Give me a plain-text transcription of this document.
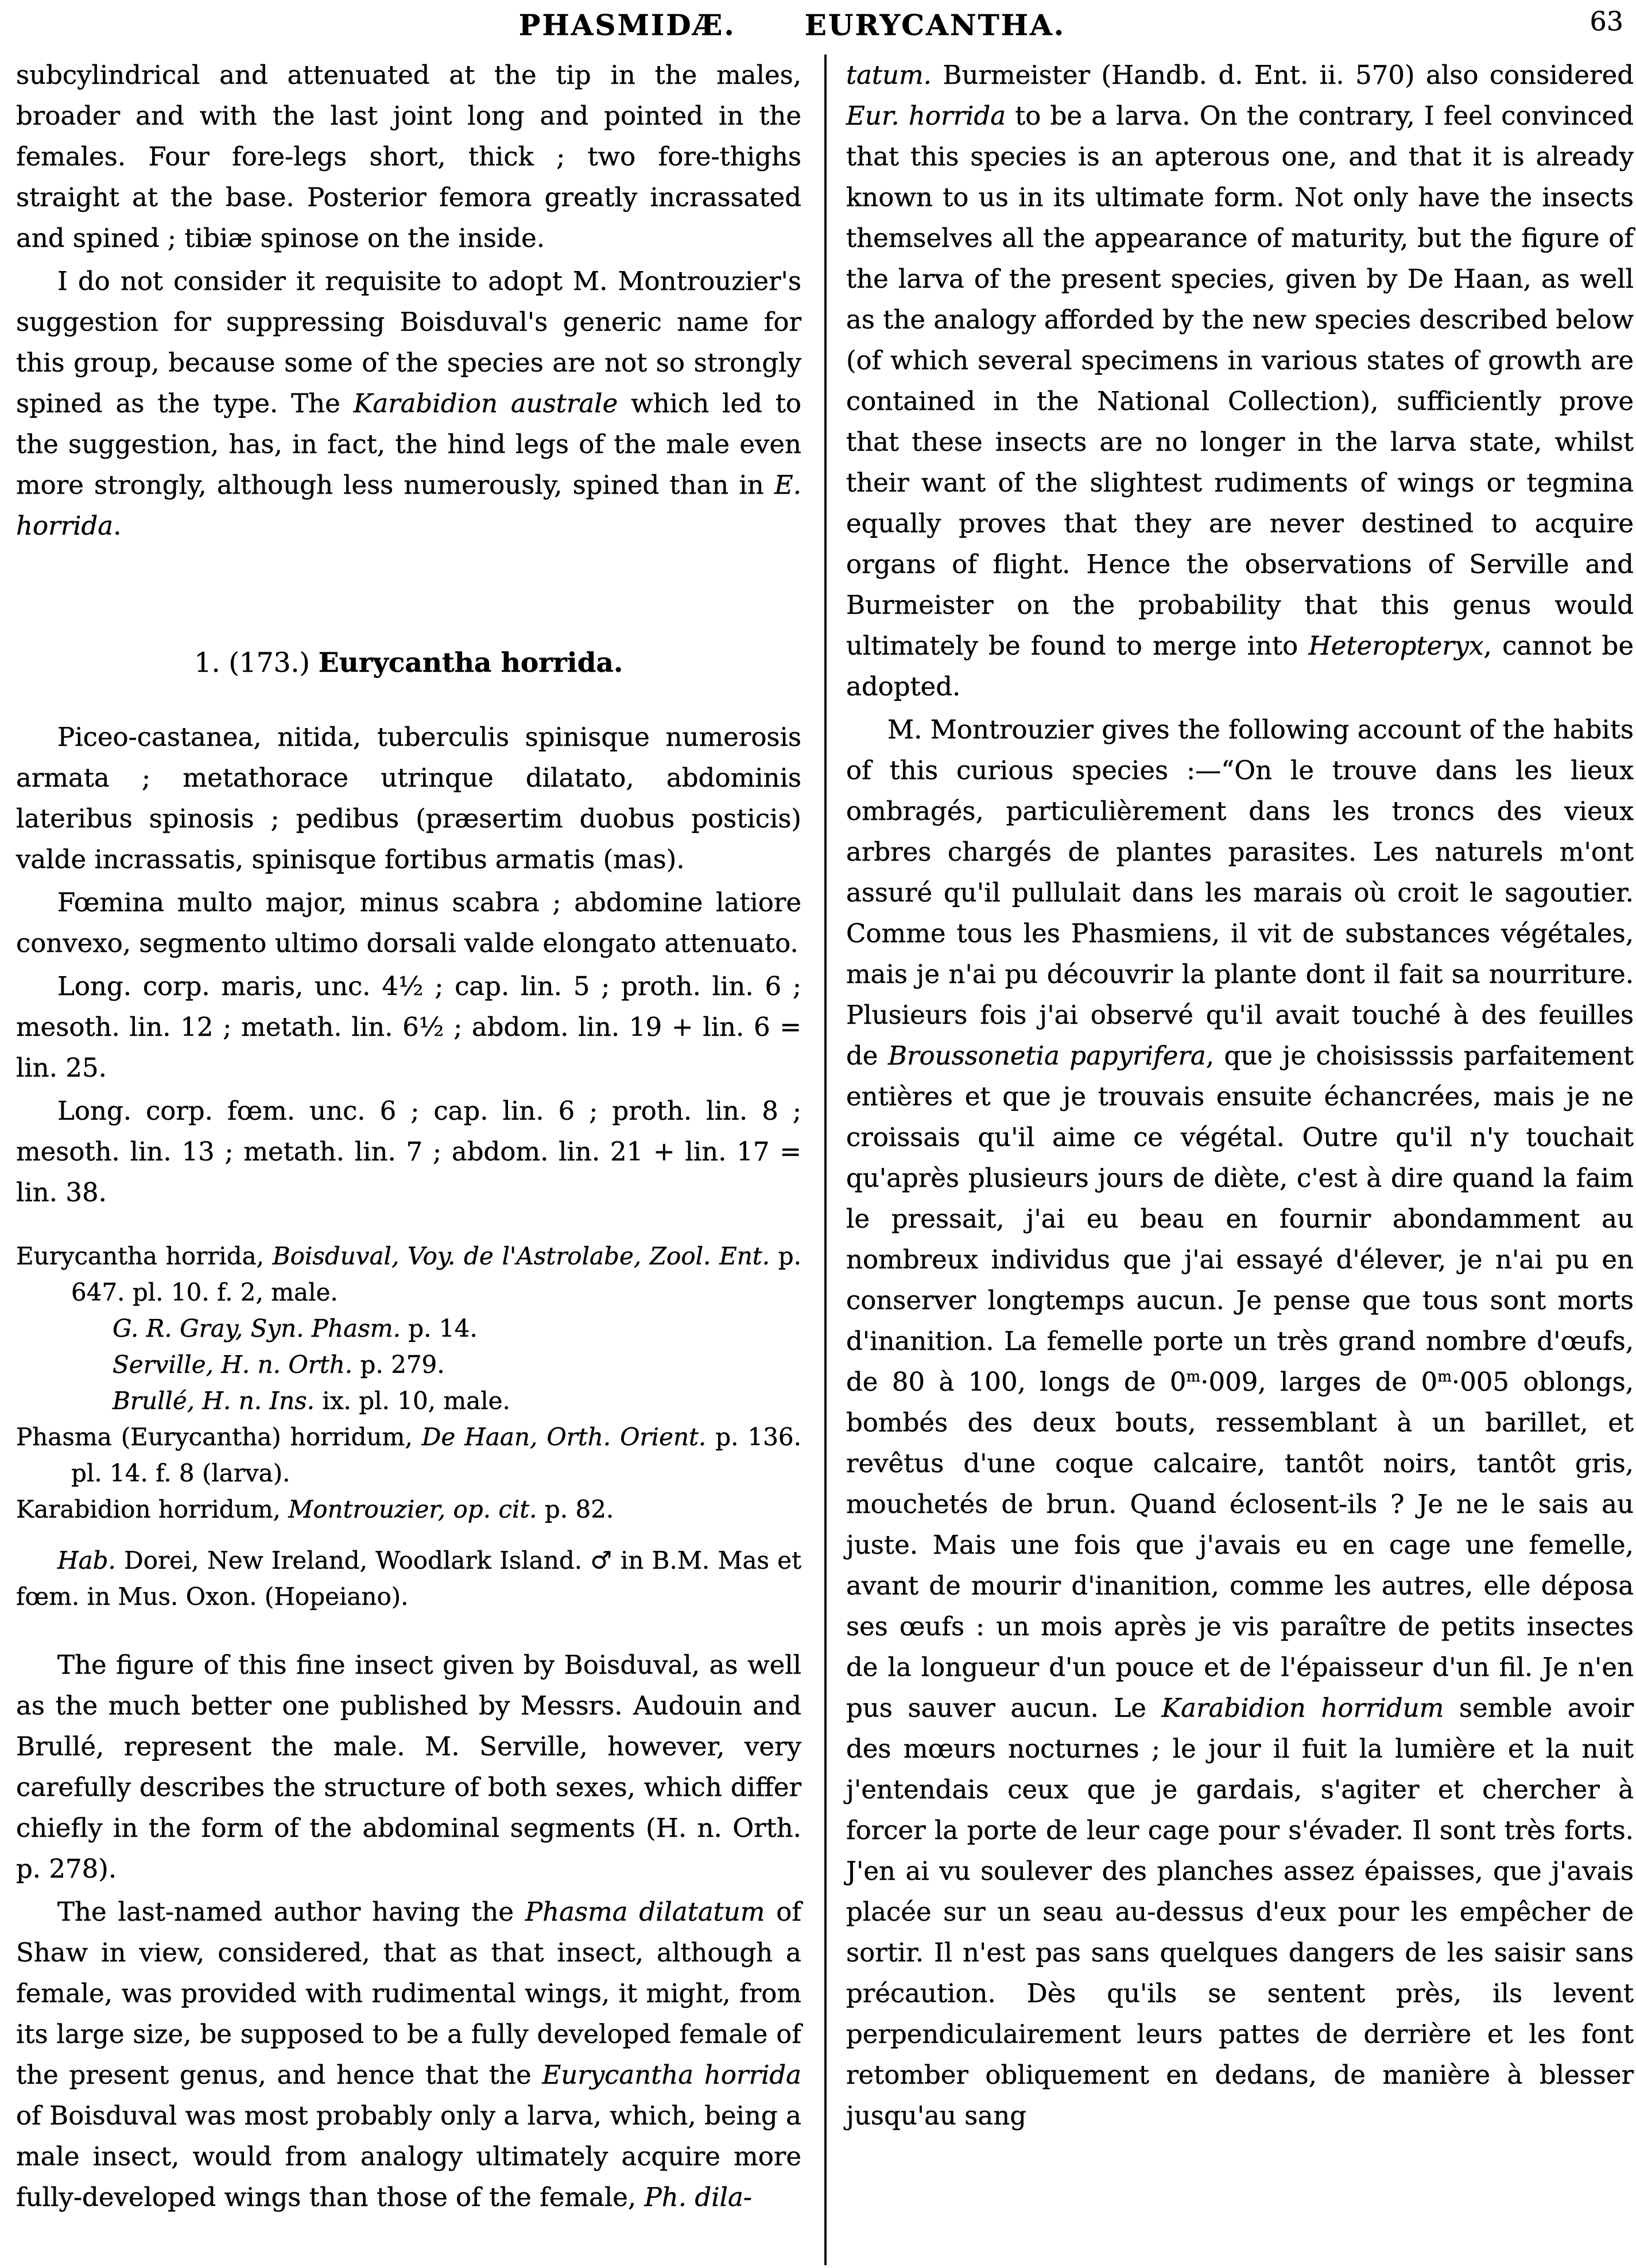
PHASMIDÆ. EURYCANTHA.	63
subcylindrical and attenuated at the tip in the males, broader and with the last joint long and pointed in the females. Four fore-legs short, thick ; two fore-thighs straight at the base. Posterior femora greatly incrassated and spined ; tibiæ spinose on the inside.
I do not consider it requisite to adopt M. Montrouzier's suggestion for suppressing Boisduval's generic name for this group, because some of the species are not so strongly spined as the type. The Karabidion australe which led to the suggestion, has, in fact, the hind legs of the male even more strongly, although less numerously, spined than in E. horrida.
1. (173.) Eurycantha horrida.
Piceo-castanea, nitida, tuberculis spinisque numerosis armata ; metathorace utrinque dilatato, abdominis lateribus spinosis ; pedibus (præsertim duobus posticis) valde incrassatis, spinisque fortibus armatis (mas).
Fœmina multo major, minus scabra ; abdomine latiore convexo, segmento ultimo dorsali valde elongato attenuato.
Long. corp. maris, unc. 4½ ; cap. lin. 5 ; proth. lin. 6 ; mesoth. lin. 12 ; metath. lin. 6½ ; abdom. lin. 19 + lin. 6 = lin. 25.
Long. corp. fœm. unc. 6 ; cap. lin. 6 ; proth. lin. 8 ; mesoth. lin. 13 ; metath. lin. 7 ; abdom. lin. 21 + lin. 17 = lin. 38.
Eurycantha horrida, Boisduval, Voy. de l'Astrolabe, Zool. Ent. p. 647. pl. 10. f. 2, male.
G. R. Gray, Syn. Phasm. p. 14.
Serville, H. n. Orth. p. 279.
Brullé, H. n. Ins. ix. pl. 10, male.
Phasma (Eurycantha) horridum, De Haan, Orth. Orient. p. 136. pl. 14. f. 8 (larva).
Karabidion horridum, Montrouzier, op. cit. p. 82.
Hab. Dorei, New Ireland, Woodlark Island. ♂ in B.M. Mas et fœm. in Mus. Oxon. (Hopeiano).
The figure of this fine insect given by Boisduval, as well as the much better one published by Messrs. Audouin and Brullé, represent the male. M. Serville, however, very carefully describes the structure of both sexes, which differ chiefly in the form of the abdominal segments (H. n. Orth. p. 278).
The last-named author having the Phasma dilatatum of Shaw in view, considered, that as that insect, although a female, was provided with rudimental wings, it might, from its large size, be supposed to be a fully developed female of the present genus, and hence that the Eurycantha horrida of Boisduval was most probably only a larva, which, being a male insect, would from analogy ultimately acquire more fully-developed wings than those of the female, Ph. dila-
tatum. Burmeister (Handb. d. Ent. ii. 570) also considered Eur. horrida to be a larva. On the contrary, I feel convinced that this species is an apterous one, and that it is already known to us in its ultimate form. Not only have the insects themselves all the appearance of maturity, but the figure of the larva of the present species, given by De Haan, as well as the analogy afforded by the new species described below (of which several specimens in various states of growth are contained in the National Collection), sufficiently prove that these insects are no longer in the larva state, whilst their want of the slightest rudiments of wings or tegmina equally proves that they are never destined to acquire organs of flight. Hence the observations of Serville and Burmeister on the probability that this genus would ultimately be found to merge into Heteropteryx, cannot be adopted.
M. Montrouzier gives the following account of the habits of this curious species :—“On le trouve dans les lieux ombragés, particulièrement dans les troncs des vieux arbres chargés de plantes parasites. Les naturels m'ont assuré qu'il pullulait dans les marais où croit le sagoutier. Comme tous les Phasmiens, il vit de substances végétales, mais je n'ai pu découvrir la plante dont il fait sa nourriture. Plusieurs fois j'ai observé qu'il avait touché à des feuilles de Broussonetia papyrifera, que je choisisssis parfaitement entières et que je trouvais ensuite échancrées, mais je ne croissais qu'il aime ce végétal. Outre qu'il n'y touchait qu'après plusieurs jours de diète, c'est à dire quand la faim le pressait, j'ai eu beau en fournir abondamment au nombreux individus que j'ai essayé d'élever, je n'ai pu en conserver longtemps aucun. Je pense que tous sont morts d'inanition. La femelle porte un très grand nombre d'œufs, de 80 à 100, longs de $0^m\cdot 009$, larges de $0^m\cdot 005$ oblongs, bombés des deux bouts, ressemblant à un barillet, et revêtus d'une coque calcaire, tantôt noirs, tantôt gris, mouchetés de brun. Quand éclosent-ils ? Je ne le sais au juste. Mais une fois que j'avais eu en cage une femelle, avant de mourir d'inanition, comme les autres, elle déposa ses œufs : un mois après je vis paraître de petits insectes de la longueur d'un pouce et de l'épaisseur d'un fil. Je n'en pus sauver aucun. Le Karabidion horridum semble avoir des mœurs nocturnes ; le jour il fuit la lumière et la nuit j'entendais ceux que je gardais, s'agiter et chercher à forcer la porte de leur cage pour s'évader. Il sont très forts. J'en ai vu soulever des planches assez épaisses, que j'avais placée sur un seau au-dessus d'eux pour les empêcher de sortir. Il n'est pas sans quelques dangers de les saisir sans précaution. Dès qu'ils se sentent près, ils levent perpendiculairement leurs pattes de derrière et les font retomber obliquement en dedans, de manière à blesser jusqu'au sang
